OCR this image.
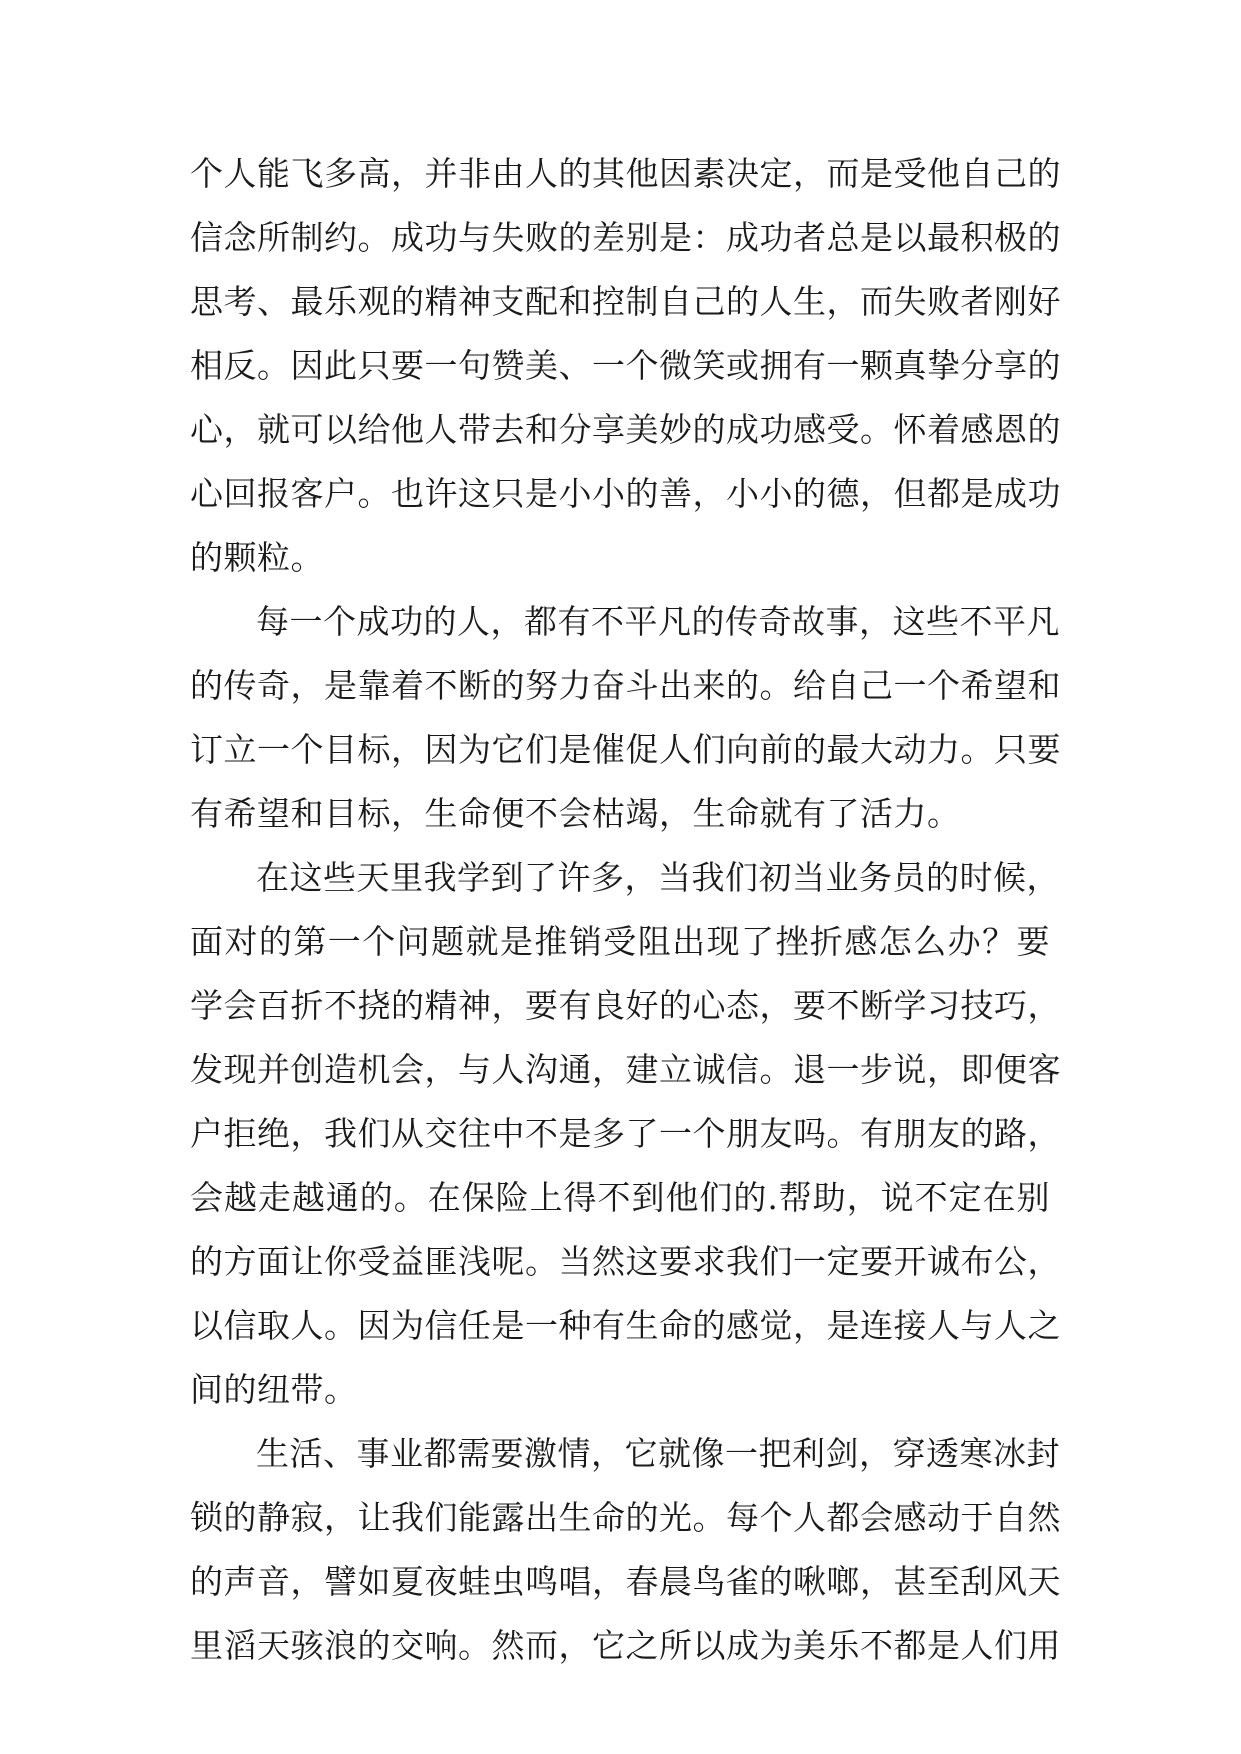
个人能飞多高，并非由人的其他因素决定，而是受他自己的
信念所制约。成功与失败的差别是：成功者总是以最积极的
思考、最乐观的精神支配和控制自己的人生，而失败者刚好
相反。因此只要一句赞美、一个微笑或拥有一颗真挚分享的
心，就可以给他人带去和分享美妙的成功感受。怀着感恩的
心回报客户。也许这只是小小的善，小小的德，但都是成功
的颗粒。
每一个成功的人，都有不平凡的传奇故事，这些不平凡
的传奇，是靠着不断的努力奋斗出来的。给自己一个希望和
订立一个目标，因为它们是催促人们向前的最大动力。只要
有希望和目标，生命便不会枯竭，生命就有了活力。
在这些天里我学到了许多，当我们初当业务员的时候，
面对的第一个问题就是推销受阻出现了挫折感怎么办？要
学会百折不挠的精神，要有良好的心态，要不断学习技巧，
发现并创造机会，与人沟通，建立诚信。退一步说，即便客
户拒绝，我们从交往中不是多了一个朋友吗。有朋友的路，
会越走越通的。在保险上得不到他们的.帮助，说不定在别
的方面让你受益匪浅呢。当然这要求我们一定要开诚布公，
以信取人。因为信任是一种有生命的感觉，是连接人与人之
间的纽带。
生活、事业都需要激情，它就像一把利剑，穿透寒冰封
锁的静寂，让我们能露出生命的光。每个人都会感动于自然
的声音，譬如夏夜蛙虫鸣唱，春晨鸟雀的啾啷，甚至刮风天
里滔天骇浪的交响。然而，它之所以成为美乐不都是人们用
